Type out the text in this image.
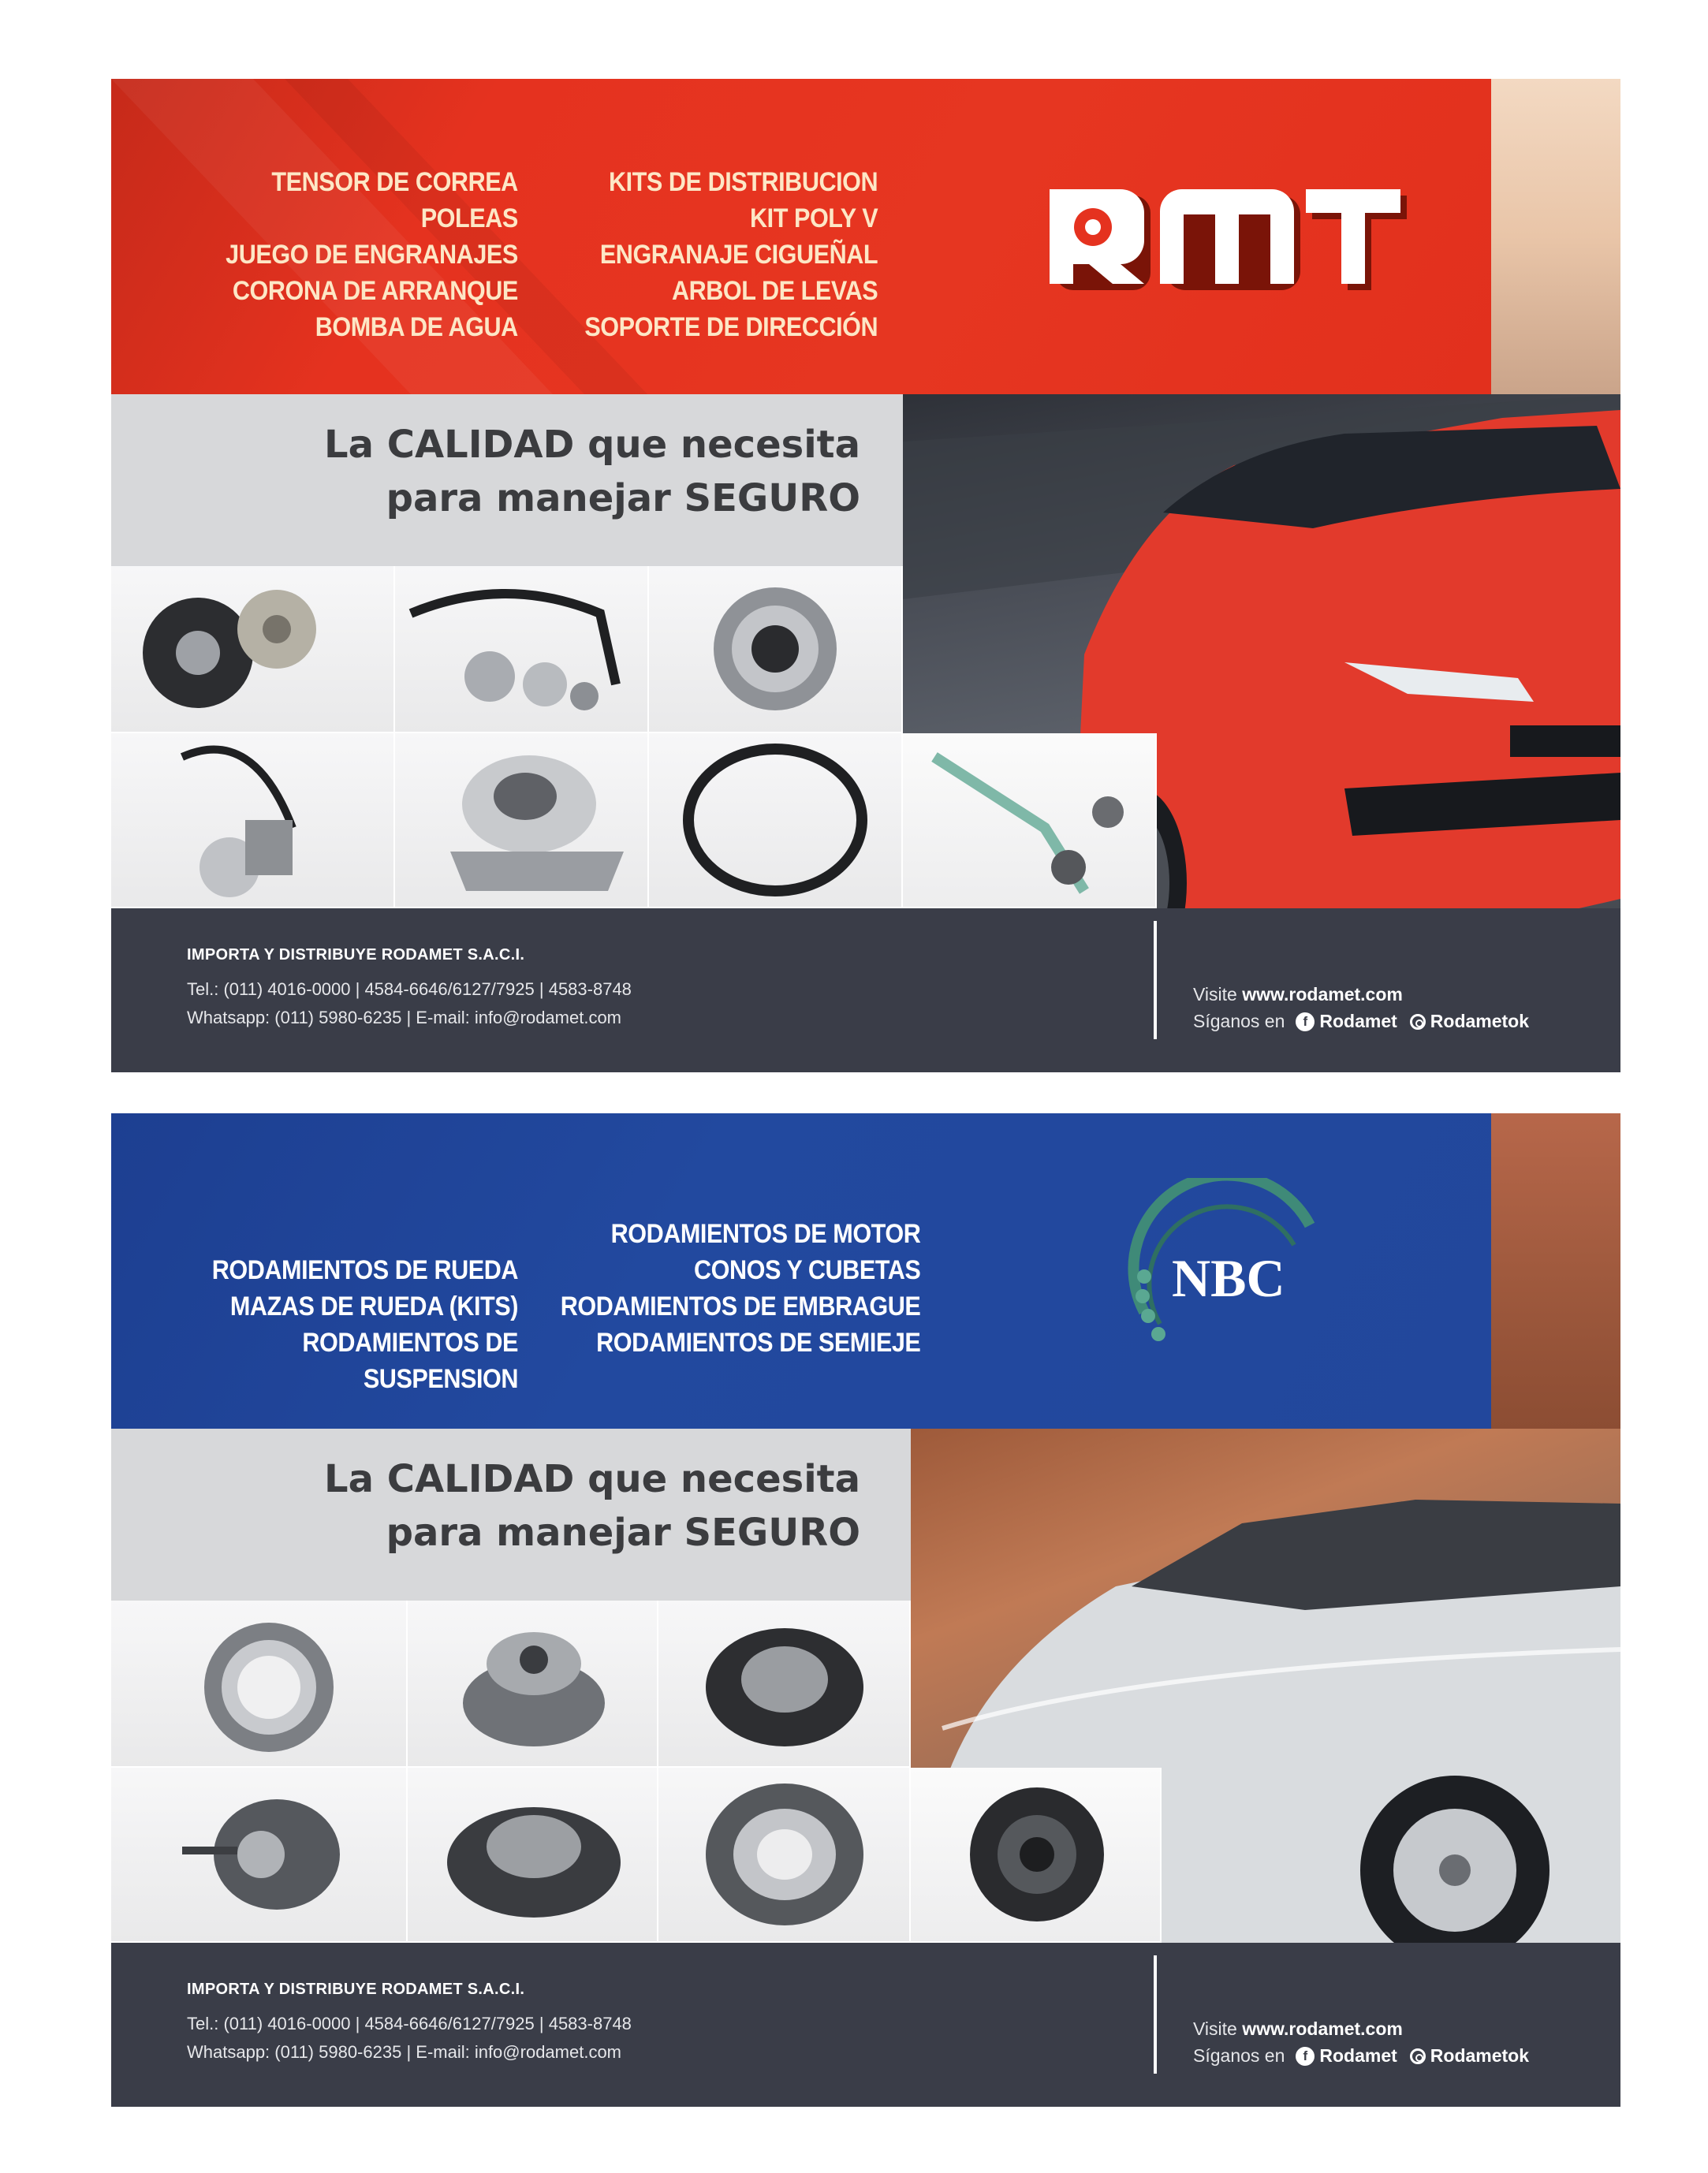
TENSOR DE CORREA
POLEAS
JUEGO DE ENGRANAJES
CORONA DE ARRANQUE
BOMBA DE AGUA
KITS DE DISTRIBUCION
KIT POLY V
ENGRANAJE CIGUEÑAL
ARBOL DE LEVAS
SOPORTE DE DIRECCIÓN
La CALIDAD que necesita
para manejar SEGURO
IMPORTA Y DISTRIBUYE RODAMET S.A.C.I.
Tel.: (011) 4016-0000 | 4584-6646/6127/7925 | 4583-8748
Whatsapp: (011) 5980-6235 | E-mail: info@rodamet.com
Visite www.rodamet.com
Síganos en	f Rodamet Rodametok
RODAMIENTOS DE RUEDA
MAZAS DE RUEDA (KITS)
RODAMIENTOS DE SUSPENSION
RODAMIENTOS DE MOTOR
CONOS Y CUBETAS
RODAMIENTOS DE EMBRAGUE
RODAMIENTOS DE SEMIEJE
NBC
La CALIDAD que necesita
para manejar SEGURO
IMPORTA Y DISTRIBUYE RODAMET S.A.C.I.
Tel.: (011) 4016-0000 | 4584-6646/6127/7925 | 4583-8748
Whatsapp: (011) 5980-6235 | E-mail: info@rodamet.com
Visite www.rodamet.com
Síganos en	f Rodamet Rodametok
